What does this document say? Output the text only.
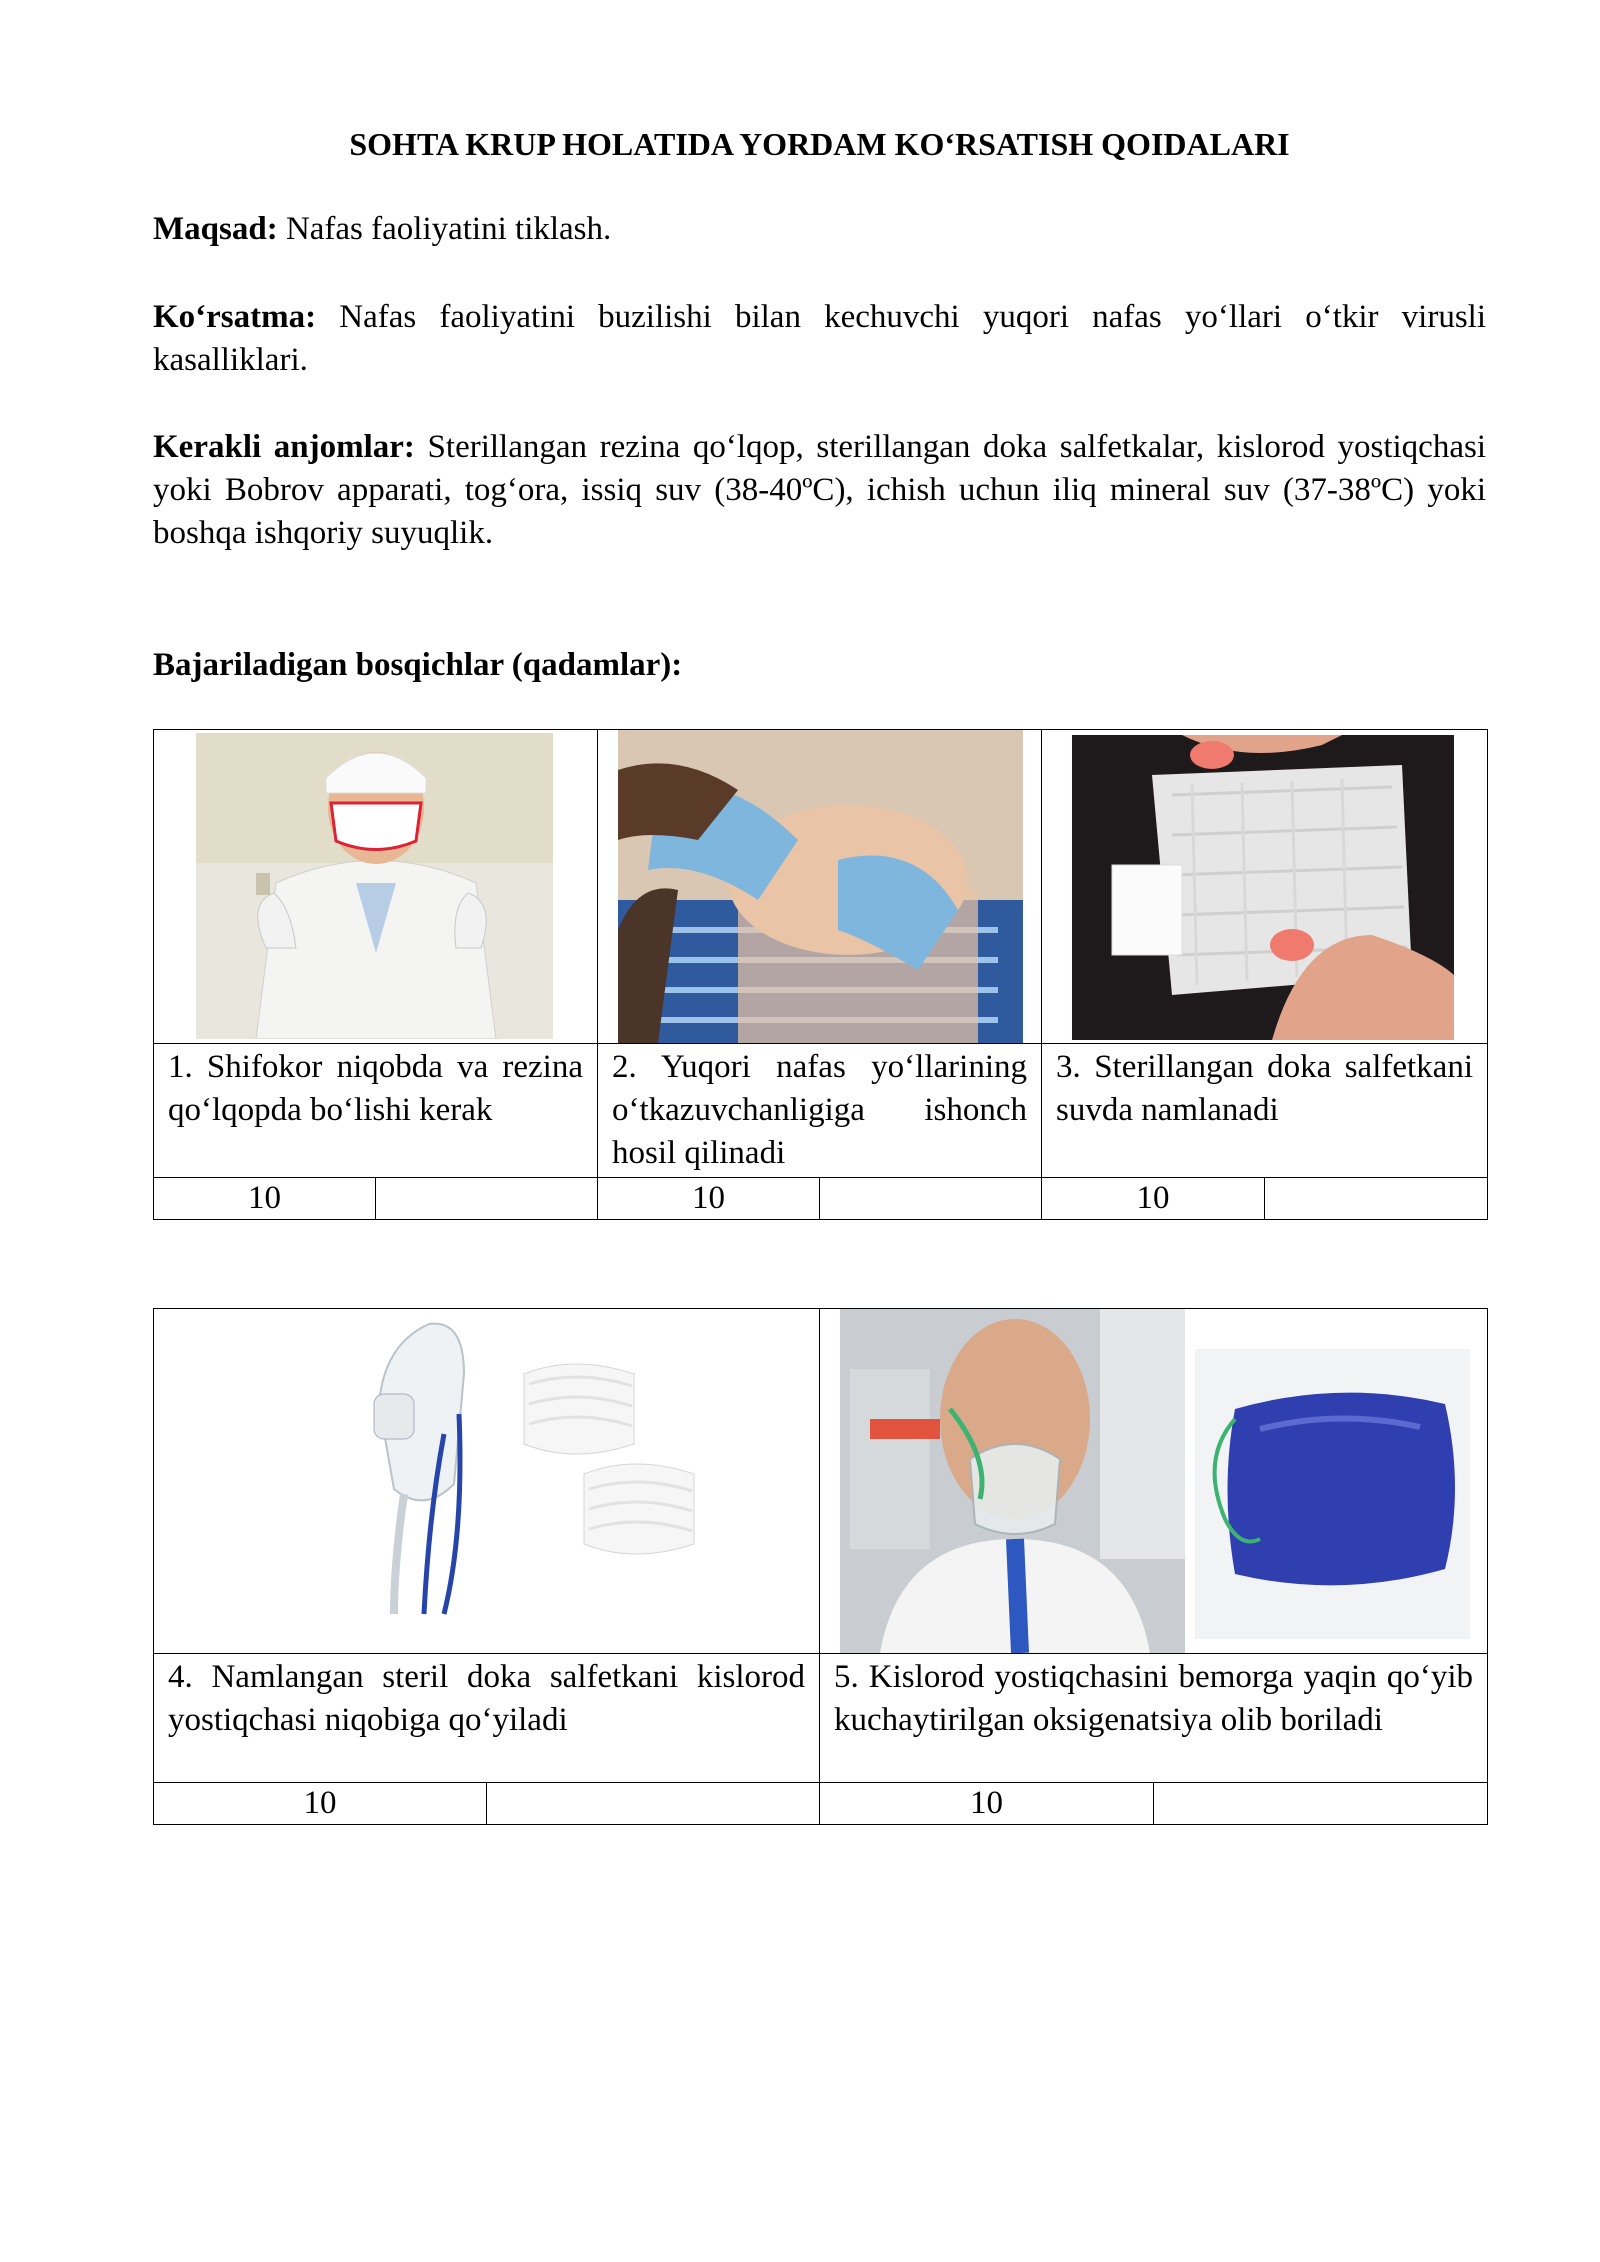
SOHTA KRUP HOLATIDA YORDAM KO‘RSATISH QOIDALARI
Maqsad: Nafas faoliyatini tiklash.
Ko‘rsatma: Nafas faoliyatini buzilishi bilan kechuvchi yuqori nafas yo‘llari o‘tkir virusli kasalliklari.
Kerakli anjomlar: Sterillangan rezina qo‘lqop, sterillangan doka salfetkalar, kislorod yostiqchasi yoki Bobrov apparati, tog‘ora, issiq suv (38-40ºC), ichish uchun iliq mineral suv (37-38ºC) yoki boshqa ishqoriy suyuqlik.
Bajariladigan bosqichlar (qadamlar):

1. Shifokor niqobda va rezina qo‘lqopda bo‘lishi kerak		2. Yuqori nafas yo‘llarining o‘tkazuvchanligiga ishonch hosil qilinadi		3. Sterillangan doka salfetkani suvda namlanadi	

10		10		10	

4. Namlangan steril doka salfetkani kislorod yostiqchasi niqobiga qo‘yiladi		5. Kislorod yostiqchasini bemorga yaqin qo‘yib kuchaytirilgan oksigenatsiya olib boriladi	

10		10	
